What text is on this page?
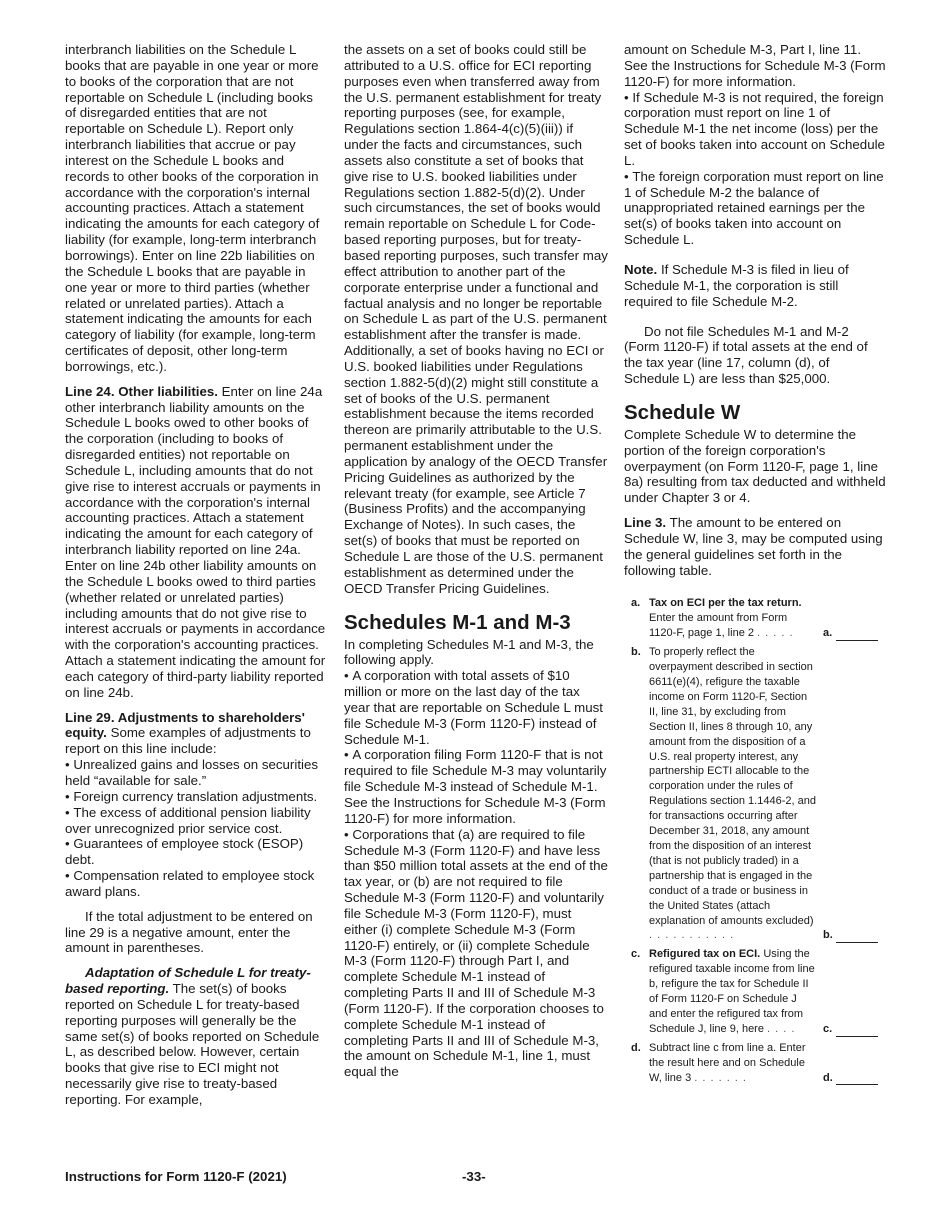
interbranch liabilities on the Schedule L books that are payable in one year or more to books of the corporation that are not reportable on Schedule L (including books of disregarded entities that are not reportable on Schedule L). Report only interbranch liabilities that accrue or pay interest on the Schedule L books and records to other books of the corporation in accordance with the corporation's internal accounting practices. Attach a statement indicating the amounts for each category of liability (for example, long-term interbranch borrowings). Enter on line 22b liabilities on the Schedule L books that are payable in one year or more to third parties (whether related or unrelated parties). Attach a statement indicating the amounts for each category of liability (for example, long-term certificates of deposit, other long-term borrowings, etc.).

Line 24. Other liabilities. Enter on line 24a other interbranch liability amounts on the Schedule L books owed to other books of the corporation (including to books of disregarded entities) not reportable on Schedule L, including amounts that do not give rise to interest accruals or payments in accordance with the corporation's internal accounting practices. Attach a statement indicating the amount for each category of interbranch liability reported on line 24a. Enter on line 24b other liability amounts on the Schedule L books owed to third parties (whether related or unrelated parties) including amounts that do not give rise to interest accruals or payments in accordance with the corporation's accounting practices. Attach a statement indicating the amount for each category of third-party liability reported on line 24b.

Line 29. Adjustments to shareholders' equity. Some examples of adjustments to report on this line include:

• Unrealized gains and losses on securities held “available for sale.”
• Foreign currency translation adjustments.
• The excess of additional pension liability over unrecognized prior service cost.
• Guarantees of employee stock (ESOP) debt.
• Compensation related to employee stock award plans.

If the total adjustment to be entered on line 29 is a negative amount, enter the amount in parentheses.

Adaptation of Schedule L for treaty-based reporting. The set(s) of books reported on Schedule L for treaty-based reporting purposes will generally be the same set(s) of books reported on Schedule L, as described below. However, certain books that give rise to ECI might not necessarily give rise to treaty-based reporting. For example,

the assets on a set of books could still be attributed to a U.S. office for ECI reporting purposes even when transferred away from the U.S. permanent establishment for treaty reporting purposes (see, for example, Regulations section 1.864-4(c)(5)(iii)) if under the facts and circumstances, such assets also constitute a set of books that give rise to U.S. booked liabilities under Regulations section 1.882-5(d)(2). Under such circumstances, the set of books would remain reportable on Schedule L for Code-based reporting purposes, but for treaty-based reporting purposes, such transfer may effect attribution to another part of the corporate enterprise under a functional and factual analysis and no longer be reportable on Schedule L as part of the U.S. permanent establishment after the transfer is made. Additionally, a set of books having no ECI or U.S. booked liabilities under Regulations section 1.882-5(d)(2) might still constitute a set of books of the U.S. permanent establishment because the items recorded thereon are primarily attributable to the U.S. permanent establishment under the application by analogy of the OECD Transfer Pricing Guidelines as authorized by the relevant treaty (for example, see Article 7 (Business Profits) and the accompanying Exchange of Notes). In such cases, the set(s) of books that must be reported on Schedule L are those of the U.S. permanent establishment as determined under the OECD Transfer Pricing Guidelines.

Schedules M-1 and M-3

In completing Schedules M-1 and M-3, the following apply.

• A corporation with total assets of $10 million or more on the last day of the tax year that are reportable on Schedule L must file Schedule M-3 (Form 1120-F) instead of Schedule M-1.
• A corporation filing Form 1120-F that is not required to file Schedule M-3 may voluntarily file Schedule M-3 instead of Schedule M-1. See the Instructions for Schedule M-3 (Form 1120-F) for more information.
• Corporations that (a) are required to file Schedule M-3 (Form 1120-F) and have less than $50 million total assets at the end of the tax year, or (b) are not required to file Schedule M-3 (Form 1120-F) and voluntarily file Schedule M-3 (Form 1120-F), must either (i) complete Schedule M-3 (Form 1120-F) entirely, or (ii) complete Schedule M-3 (Form 1120-F) through Part I, and complete Schedule M-1 instead of completing Parts II and III of Schedule M-3 (Form 1120-F). If the corporation chooses to complete Schedule M-1 instead of completing Parts II and III of Schedule M-3, the amount on Schedule M-1, line 1, must equal the

amount on Schedule M-3, Part I, line 11. See the Instructions for Schedule M-3 (Form 1120-F) for more information.

• If Schedule M-3 is not required, the foreign corporation must report on line 1 of Schedule M-1 the net income (loss) per the set of books taken into account on Schedule L.
• The foreign corporation must report on line 1 of Schedule M-2 the balance of unappropriated retained earnings per the set(s) of books taken into account on Schedule L.

Note. If Schedule M-3 is filed in lieu of Schedule M-1, the corporation is still required to file Schedule M-2.

Do not file Schedules M-1 and M-2 (Form 1120-F) if total assets at the end of the tax year (line 17, column (d), of Schedule L) are less than $25,000.

Schedule W

Complete Schedule W to determine the portion of the foreign corporation's overpayment (on Form 1120-F, page 1, line 8a) resulting from tax deducted and withheld under Chapter 3 or 4.

Line 3. The amount to be entered on Schedule W, line 3, may be computed using the general guidelines set forth in the following table.

a. Tax on ECI per the tax return.
Enter the amount from Form 1120-F, page 1, line 2 . . . . .	a.
b. To properly reflect the overpayment described in section 6611(e)(4), refigure the taxable income on Form 1120-F, Section II, line 31, by excluding from Section II, lines 8 through 10, any amount from the disposition of a U.S. real property interest, any partnership ECTI allocable to the corporation under the rules of Regulations section 1.1446-2, and for transactions occurring after December 31, 2018, any amount from the disposition of an interest (that is not publicly traded) in a partnership that is engaged in the conduct of a trade or business in the United States (attach explanation of amounts excluded) . . . . . . . . . . .	b.
c. Refigured tax on ECI. Using the refigured taxable income from line b, refigure the tax for Schedule II of Form 1120-F on Schedule J and enter the refigured tax from Schedule J, line 9, here . . . .	c.
d. Subtract line c from line a. Enter the result here and on Schedule W, line 3 . . . . . . .	d.
Instructions for Form 1120-F (2021)	-33-
